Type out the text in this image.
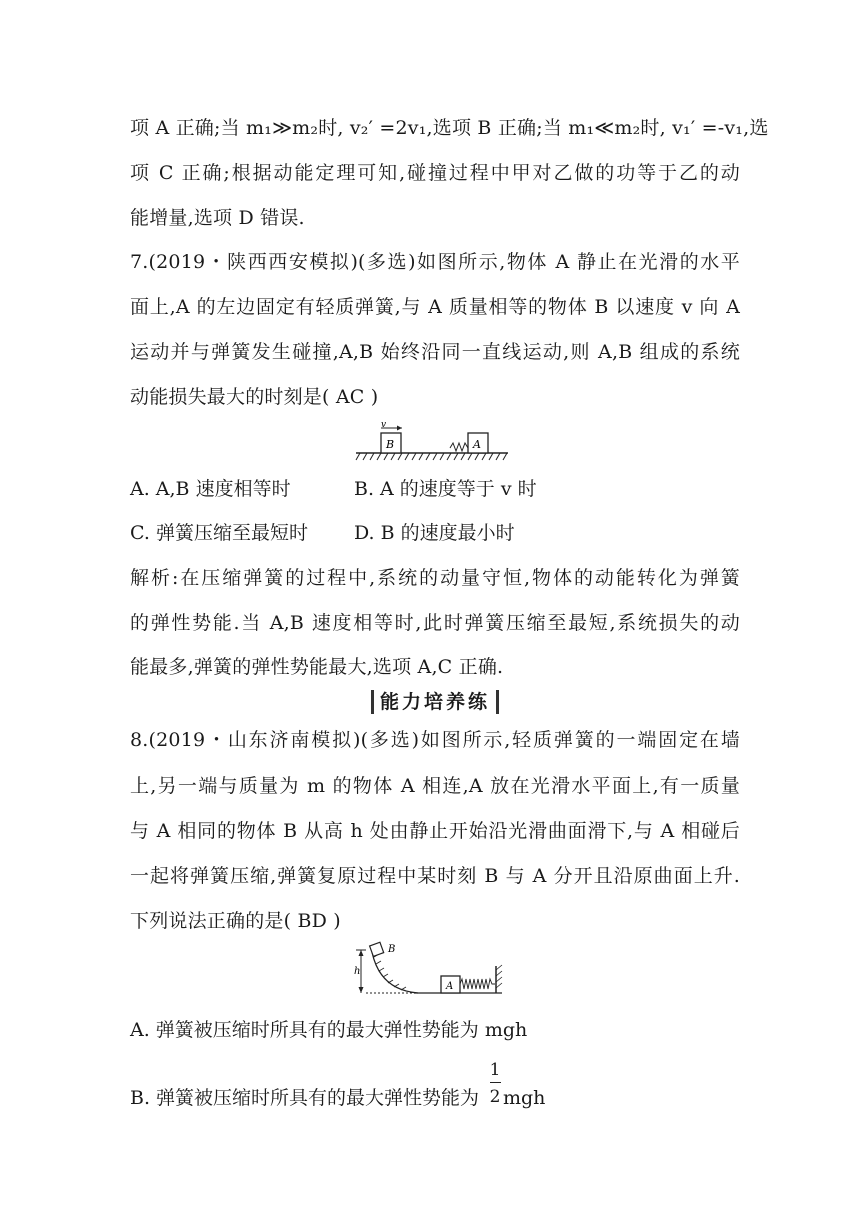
项 A 正确;当 m₁≫m₂时, v₂′ =2v₁,选项 B 正确;当 m₁≪m₂时, v₁′ =-v₁,选
项 C 正确;根据动能定理可知,碰撞过程中甲对乙做的功等于乙的动
能增量,选项 D 错误.
7.(2019・陕西西安模拟)(多选)如图所示,物体 A 静止在光滑的水平
面上,A 的左边固定有轻质弹簧,与 A 质量相等的物体 B 以速度 v 向 A
运动并与弹簧发生碰撞,A,B 始终沿同一直线运动,则 A,B 组成的系统
动能损失最大的时刻是( AC )
B
v
A
A. A,B 速度相等时	B. A 的速度等于 v 时
C. 弹簧压缩至最短时 D. B 的速度最小时
解析:在压缩弹簧的过程中,系统的动量守恒,物体的动能转化为弹簧
的弹性势能.当 A,B 速度相等时,此时弹簧压缩至最短,系统损失的动
能最多,弹簧的弹性势能最大,选项 A,C 正确.
能力培养练
8.(2019・山东济南模拟)(多选)如图所示,轻质弹簧的一端固定在墙
上,另一端与质量为 m 的物体 A 相连,A 放在光滑水平面上,有一质量
与 A 相同的物体 B 从高 h 处由静止开始沿光滑曲面滑下,与 A 相碰后
一起将弹簧压缩,弹簧复原过程中某时刻 B 与 A 分开且沿原曲面上升.
下列说法正确的是( BD )
h
B
A
A. 弹簧被压缩时所具有的最大弹性势能为 mgh
B. 弹簧被压缩时所具有的最大弹性势能为
1
2 mgh
